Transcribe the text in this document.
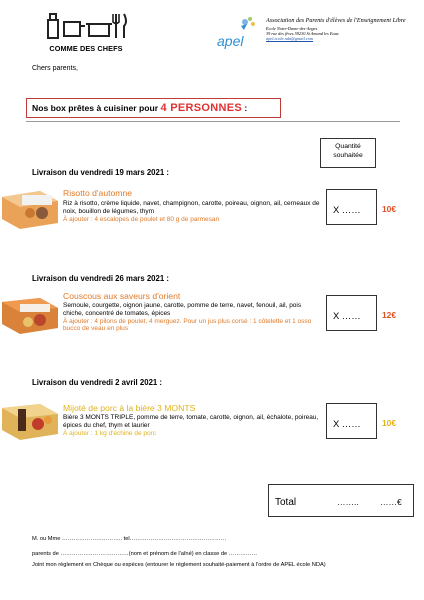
COMME DES CHEFS	apel
Association des Parents d'élèves de l'Enseignement Libre
Ecole Notre-Dame-des-Anges
39 rue des fèves 59230 St Amand les Eaux
apel.ecole.nda@gmail.com
Chers parents,
Nos box prêtes à cuisiner pour 4 PERSONNES :
Quantité souhaitée
Livraison du vendredi 19 mars 2021 :
Risotto d'automne
Riz à risotto, crème liquide, navet, champignon, carotte, poireau, oignon, ail, cerneaux de noix, bouillon de légumes, thym
À ajouter : 4 escalopes de poulet et 80 g de parmesan
X ……	10€
Livraison du vendredi 26 mars 2021 :
Couscous aux saveurs d'orient
Semoule, courgette, oignon jaune, carotte, pomme de terre, navet, fenouil, ail, pois chiche, concentré de tomates, épices
À ajouter : 4 pilons de poulet, 4 merguez. Pour un jus plus corsé : 1 côtelette et 1 osso bucco de veau en plus
X ……	12€
Livraison du vendredi 2 avril 2021 :
Mijoté de porc à la bière 3 MONTS
Bière 3 MONTS TRIPLE, pomme de terre, tomate, carotte, oignon, ail, échalote, poireau, épices du chef, thym et laurier
À ajouter : 1 kg d'échine de porc
X ……	10€
Total	……..	……€
M. ou Mme ………………………….. tel……………………………………………
parents de ………………………………(nom et prénom de l'aîné) en classe de ……………
Joint mon règlement en Chèque ou espèces (entourer le règlement souhaité-paiement à l'ordre de APEL école NDA)
